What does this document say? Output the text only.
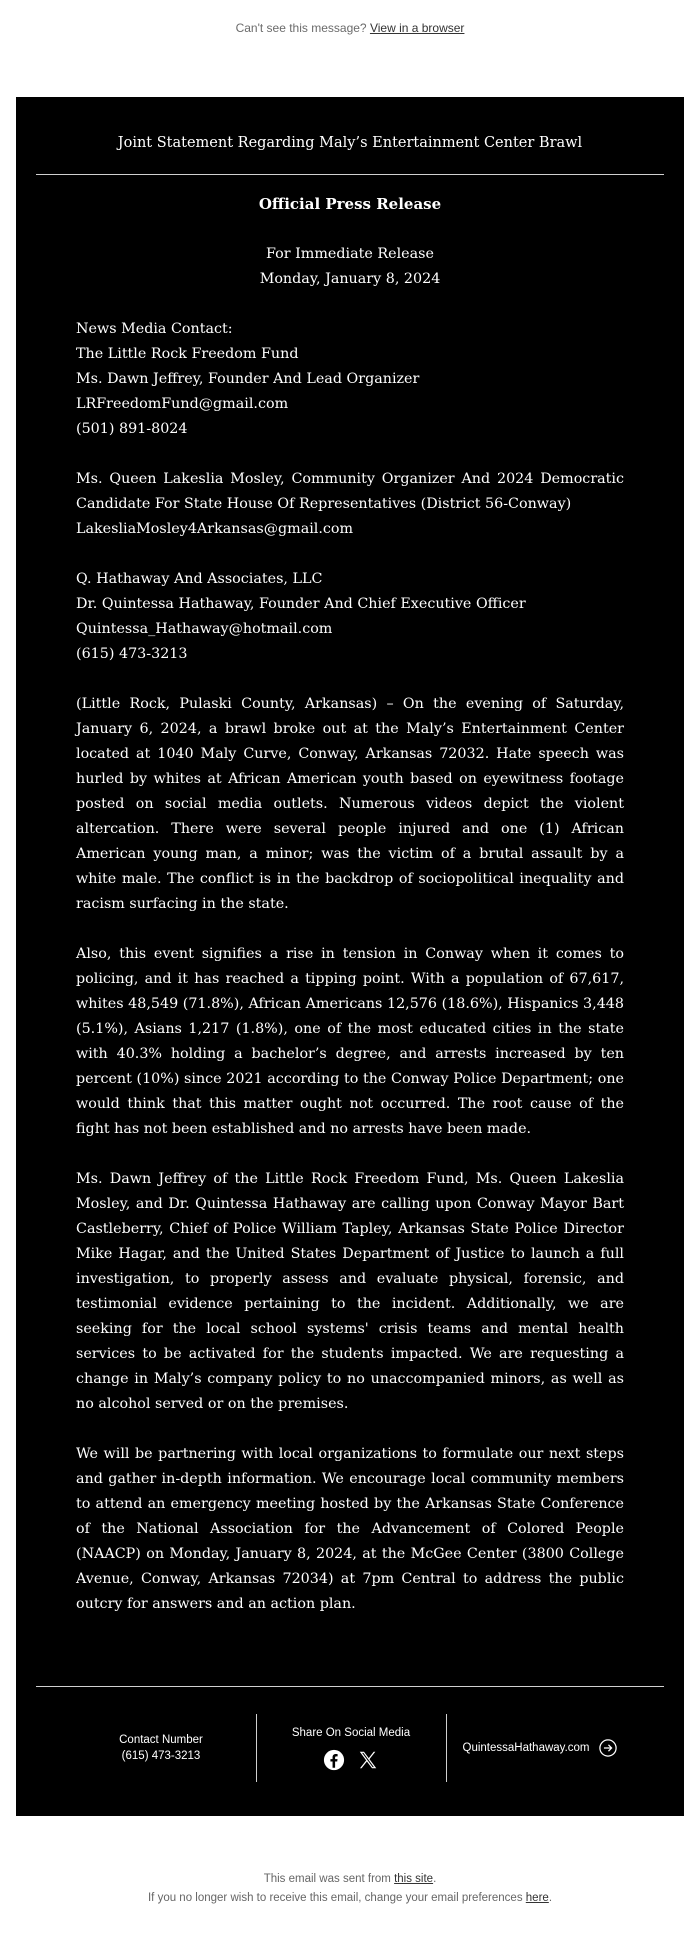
Can't see this message? View in a browser
Joint Statement Regarding Maly’s Entertainment Center Brawl
Official Press Release
For Immediate Release
Monday, January 8, 2024
News Media Contact:
The Little Rock Freedom Fund
Ms. Dawn Jeffrey, Founder And Lead Organizer
LRFreedomFund@gmail.com
(501) 891-8024
Ms. Queen Lakeslia Mosley, Community Organizer And 2024 Democratic Candidate For State House Of Representatives (District 56-Conway)
LakesliaMosley4Arkansas@gmail.com
Q. Hathaway And Associates, LLC
Dr. Quintessa Hathaway, Founder And Chief Executive Officer
Quintessa_Hathaway@hotmail.com
(615) 473-3213
(Little Rock, Pulaski County, Arkansas) – On the evening of Saturday, January 6, 2024, a brawl broke out at the Maly’s Entertainment Center located at 1040 Maly Curve, Conway, Arkansas 72032. Hate speech was hurled by whites at African American youth based on eyewitness footage posted on social media outlets. Numerous videos depict the violent altercation. There were several people injured and one (1) African American young man, a minor; was the victim of a brutal assault by a white male. The conflict is in the backdrop of sociopolitical inequality and racism surfacing in the state.
Also, this event signifies a rise in tension in Conway when it comes to policing, and it has reached a tipping point. With a population of 67,617, whites 48,549 (71.8%), African Americans 12,576 (18.6%), Hispanics 3,448 (5.1%), Asians 1,217 (1.8%), one of the most educated cities in the state with 40.3% holding a bachelor’s degree, and arrests increased by ten percent (10%) since 2021 according to the Conway Police Department; one would think that this matter ought not occurred. The root cause of the fight has not been established and no arrests have been made.
Ms. Dawn Jeffrey of the Little Rock Freedom Fund, Ms. Queen Lakeslia Mosley, and Dr. Quintessa Hathaway are calling upon Conway Mayor Bart Castleberry, Chief of Police William Tapley, Arkansas State Police Director Mike Hagar, and the United States Department of Justice to launch a full investigation, to properly assess and evaluate physical, forensic, and testimonial evidence pertaining to the incident. Additionally, we are seeking for the local school systems' crisis teams and mental health services to be activated for the students impacted. We are requesting a change in Maly’s company policy to no unaccompanied minors, as well as no alcohol served or on the premises.
We will be partnering with local organizations to formulate our next steps and gather in-depth information. We encourage local community members to attend an emergency meeting hosted by the Arkansas State Conference of the National Association for the Advancement of Colored People (NAACP) on Monday, January 8, 2024, at the McGee Center (3800 College Avenue, Conway, Arkansas 72034) at 7pm Central to address the public outcry for answers and an action plan.
Contact Number
(615) 473-3213
Share On Social Media
QuintessaHathaway.com
This email was sent from this site.
If you no longer wish to receive this email, change your email preferences here.
